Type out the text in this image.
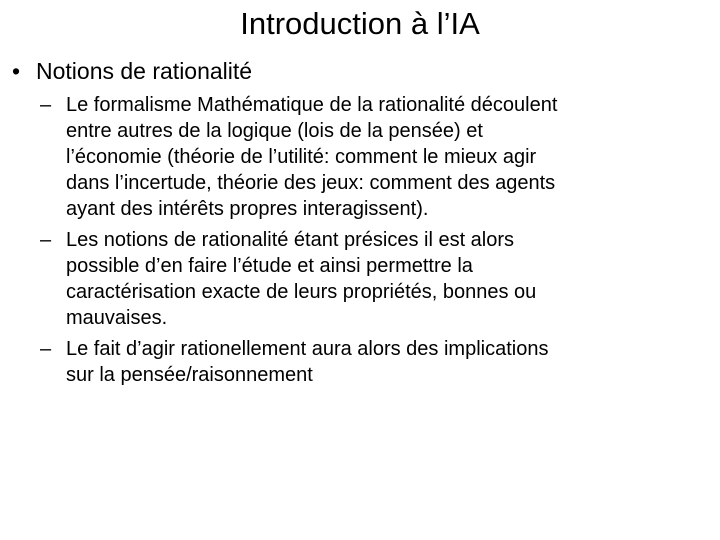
Introduction à l’IA
• Notions de rationalité
– Le formalisme Mathématique de la rationalité découlent
entre autres de la logique (lois de la pensée) et
l’économie (théorie de l’utilité: comment le mieux agir
dans l’incertude, théorie des jeux: comment des agents
ayant des intérêts propres interagissent).
– Les notions de rationalité étant présices il est alors
possible d’en faire l’étude et ainsi permettre la
caractérisation exacte de leurs propriétés, bonnes ou
mauvaises.
– Le fait d’agir rationellement aura alors des implications
sur la pensée/raisonnement
